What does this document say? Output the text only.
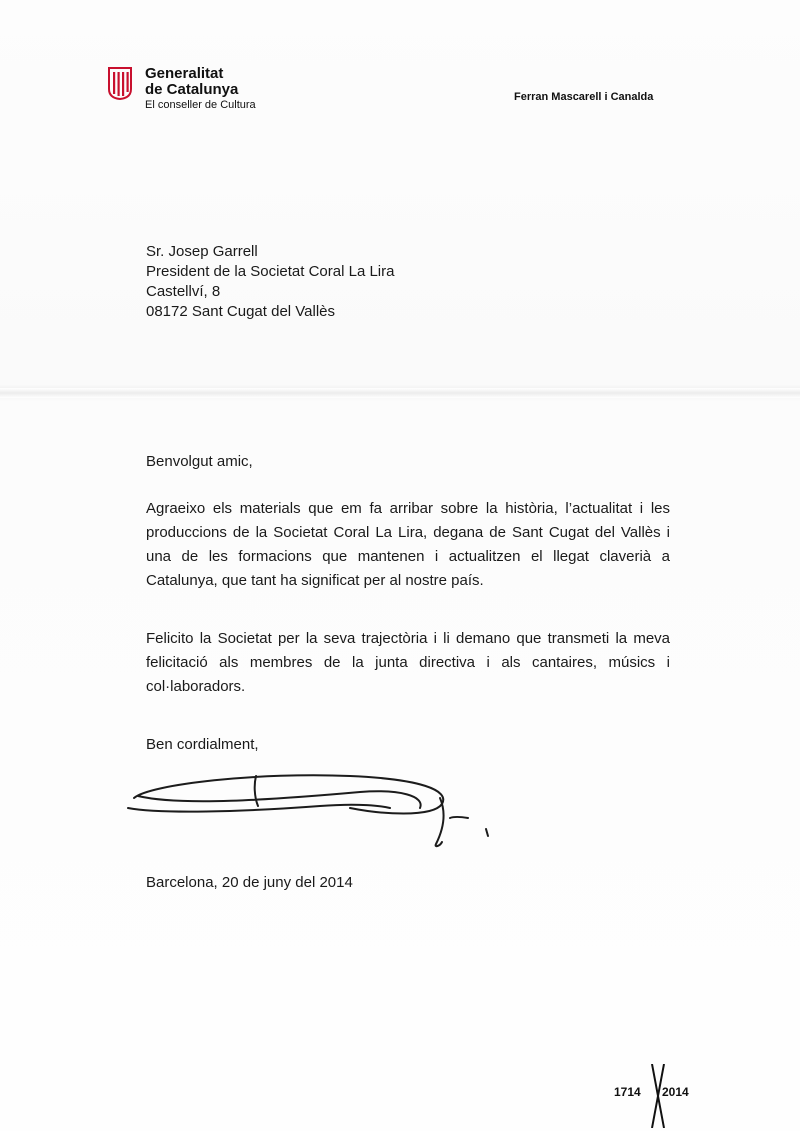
Generalitat
de Catalunya
El conseller de Cultura
Ferran Mascarell i Canalda
Sr. Josep Garrell
President de la Societat Coral La Lira
Castellví, 8
08172 Sant Cugat del Vallès
Benvolgut amic,
Agraeixo els materials que em fa arribar sobre la història, l’actualitat i les produccions de la Societat Coral La Lira, degana de Sant Cugat del Vallès i una de les formacions que mantenen i actualitzen el llegat claverià a Catalunya, que tant ha significat per al nostre país.
Felicito la Societat per la seva trajectòria i li demano que transmeti la meva felicitació als membres de la junta directiva i als cantaires, músics i col·laboradors.
Ben cordialment,
Barcelona, 20 de juny del 2014
1714 2014
